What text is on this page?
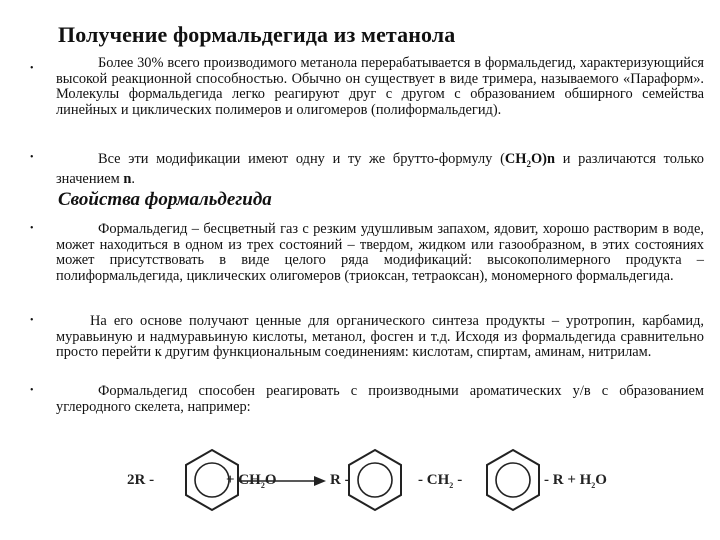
Получение формальдегида из метанола
•	Более 30% всего производимого метанола перерабатывается в формальдегид, характеризующийся высокой реакционной способностью. Обычно он существует в виде тримера, называемого «Параформ». Молекулы формальдегида легко реагируют друг с другом с образованием обширного семейства линейных и циклических полимеров и олигомеров (полиформальдегид).

•	Все эти модификации имеют одну и ту же брутто-формулу $(CH_2O)n$ и различаются только значением n.

Свойства формальдегида
•	Формальдегид – бесцветный газ с резким удушливым запахом, ядовит, хорошо растворим в воде, может находиться в одном из трех состояний – твердом, жидком или газообразном, в этих состояниях может присутствовать в виде целого ряда модификаций: высокополимерного продукта – полиформальдегида, циклических олигомеров (триоксан, тетраоксан), мономерного формальдегида.

•	На его основе получают ценные для органического синтеза продукты – уротропин, карбамид, муравьиную и надмуравьиную кислоты, метанол, фосген и т.д. Исходя из формальдегида сравнительно просто перейти к другим функциональным соединениям: кислотам, спиртам, аминам, нитрилам.

•	Формальдегид способен реагировать с производными ароматических у/в с образованием углеродного скелета, например:

2R -	+ $CH_2O$	R -	- $CH_2$ -	- $R + H_2O$
